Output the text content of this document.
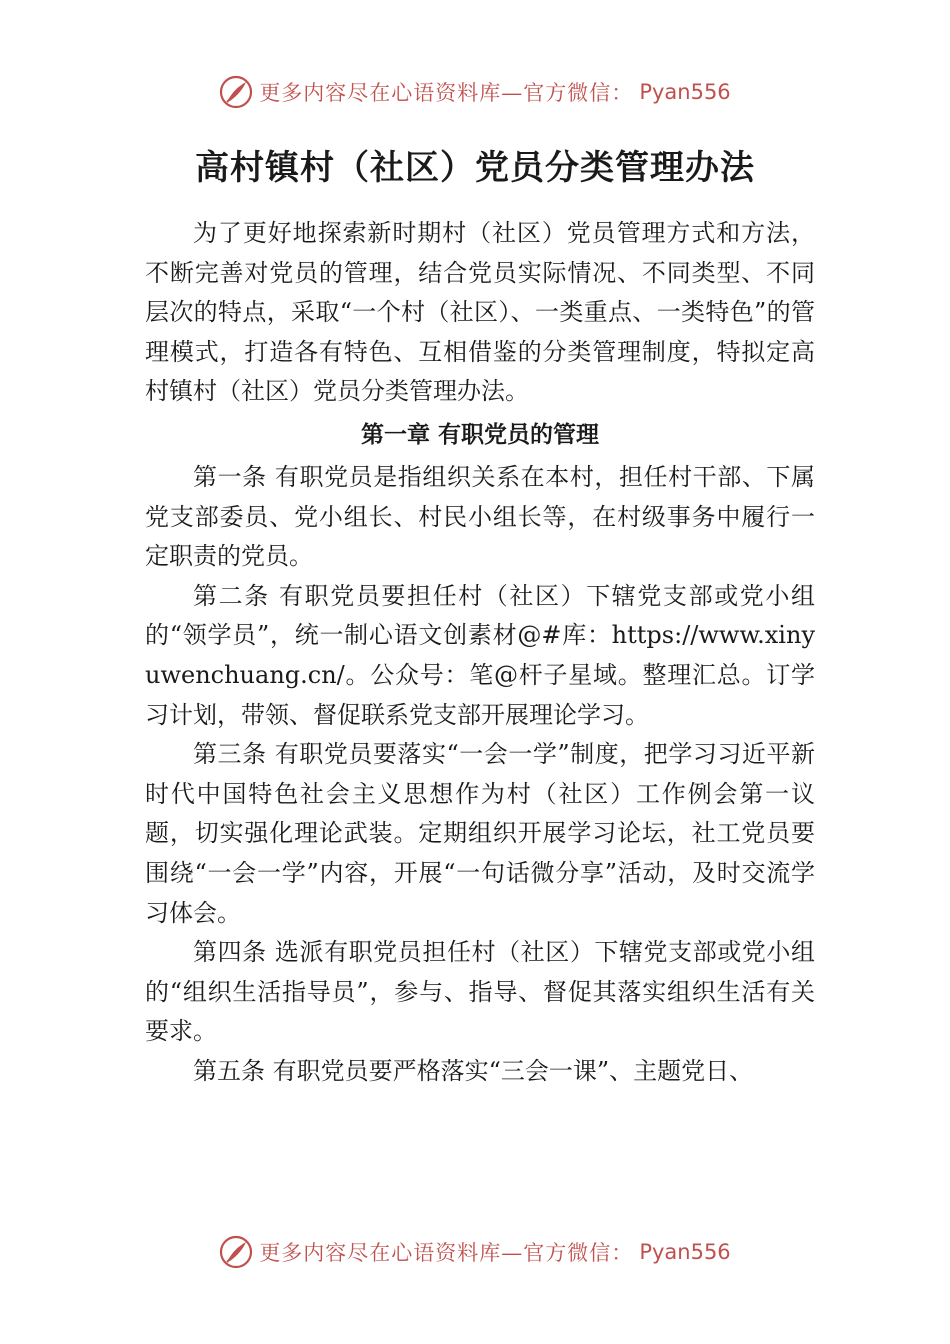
更多内容尽在心语资料库—官方微信： Pyan556
高村镇村（社区）党员分类管理办法

为了更好地探索新时期村（社区）党员管理方式和方法，不断完善对党员的管理，结合党员实际情况、不同类型、不同层次的特点，采取“一个村（社区）、一类重点、一类特色”的管理模式，打造各有特色、互相借鉴的分类管理制度，特拟定高村镇村（社区）党员分类管理办法。

第一章 有职党员的管理

第一条 有职党员是指组织关系在本村，担任村干部、下属党支部委员、党小组长、村民小组长等，在村级事务中履行一定职责的党员。

第二条 有职党员要担任村（社区）下辖党支部或党小组的“领学员”，统一制心语文创素材@#库：https://www.xinyuwenchuang.cn/。公众号：笔@杆子星域。整理汇总。订学习计划，带领、督促联系党支部开展理论学习。

第三条 有职党员要落实“一会一学”制度，把学习习近平新时代中国特色社会主义思想作为村（社区）工作例会第一议题，切实强化理论武装。定期组织开展学习论坛，社工党员要围绕“一会一学”内容，开展“一句话微分享”活动，及时交流学习体会。

第四条 选派有职党员担任村（社区）下辖党支部或党小组的“组织生活指导员”，参与、指导、督促其落实组织生活有关要求。

第五条 有职党员要严格落实“三会一课”、主题党日、

更多内容尽在心语资料库—官方微信： Pyan556
